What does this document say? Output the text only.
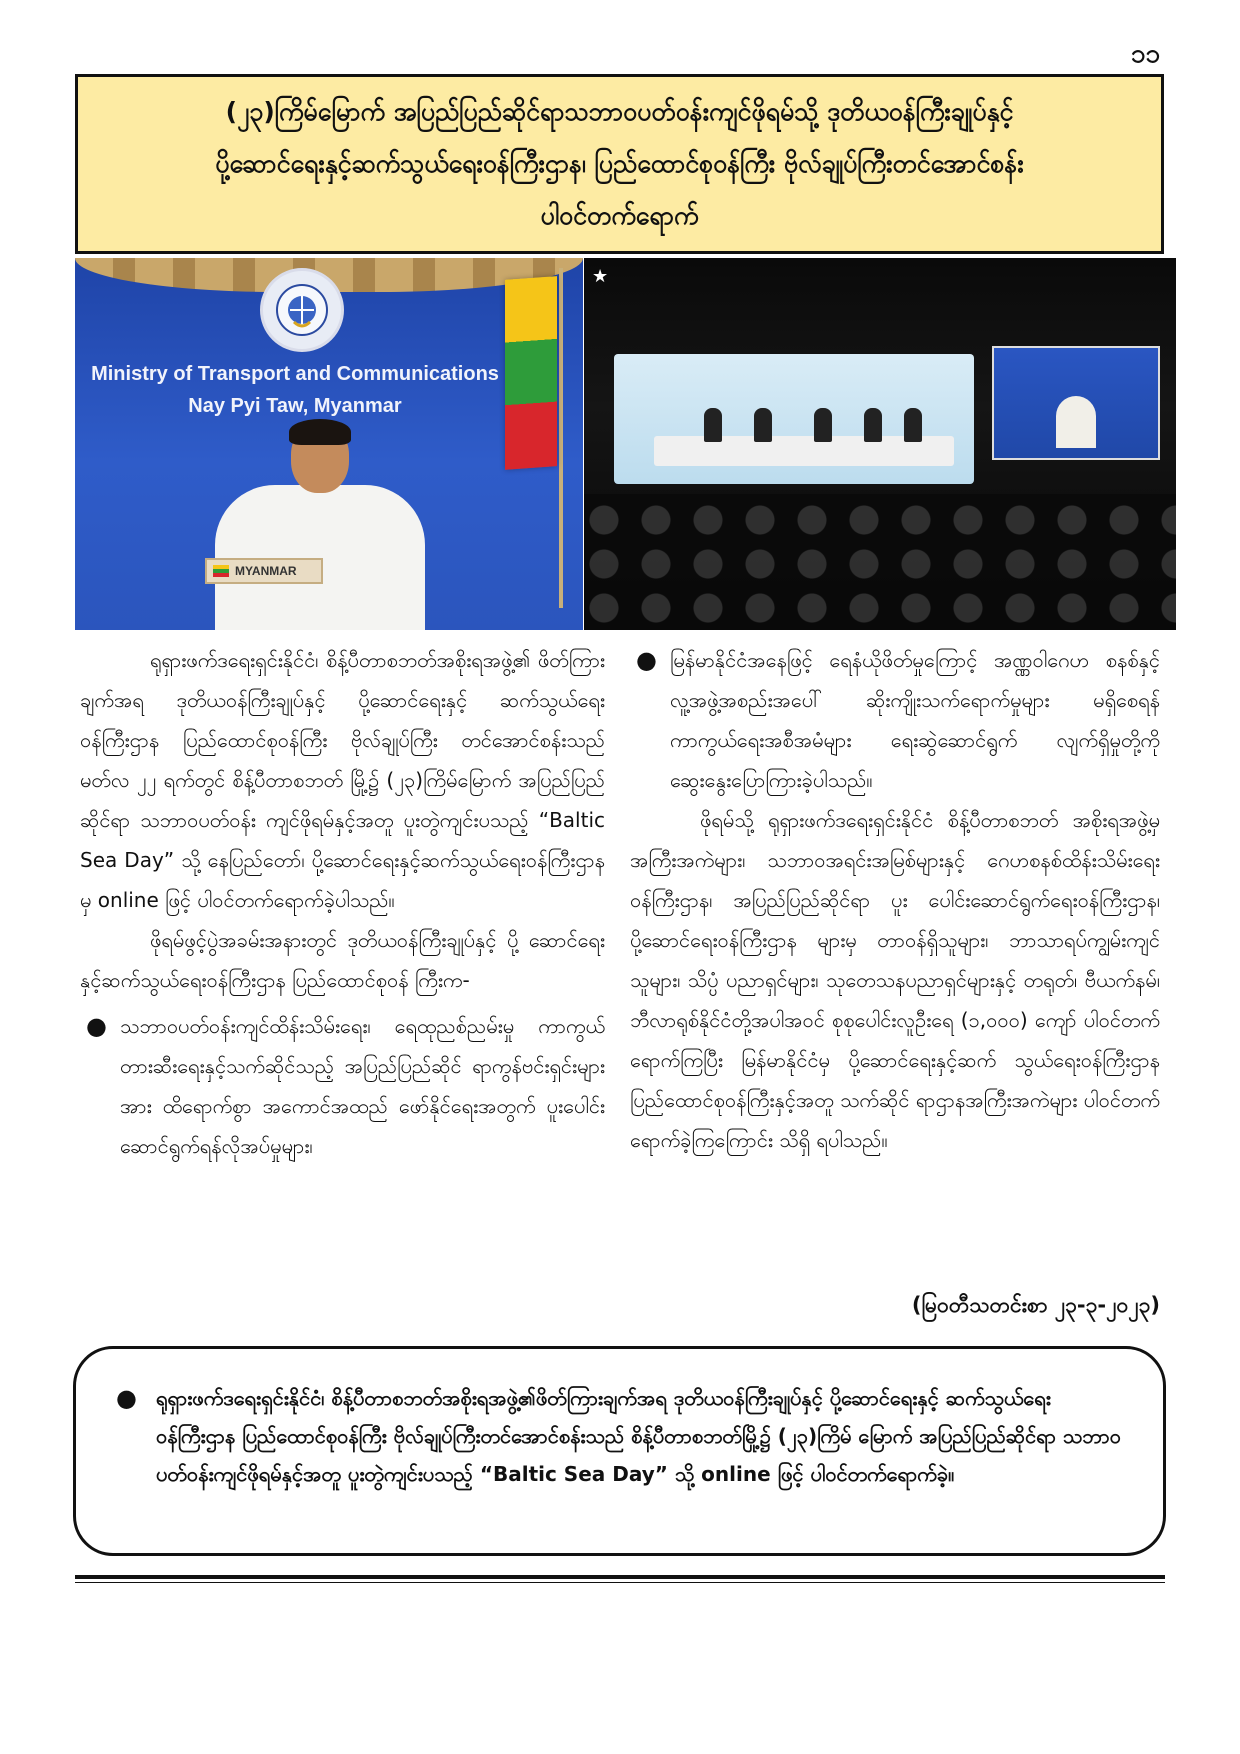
၁၁
(၂၃)ကြိမ်မြောက် အပြည်ပြည်ဆိုင်ရာသဘာဝပတ်ဝန်းကျင်ဖိုရမ်သို့ ဒုတိယဝန်ကြီးချုပ်နှင့်
ပို့ဆောင်ရေးနှင့်ဆက်သွယ်ရေးဝန်ကြီးဌာန၊ ပြည်ထောင်စုဝန်ကြီး ဗိုလ်ချုပ်ကြီးတင်အောင်စန်း
ပါဝင်တက်ရောက်
Ministry of Transport and Communications
Nay Pyi Taw, Myanmar
MYANMAR
★

ရုရှားဖက်ဒရေးရှင်းနိုင်ငံ၊ စိန့်ပီတာစဘတ်အစိုးရအဖွဲ့၏ ဖိတ်ကြားချက်အရ ဒုတိယဝန်ကြီးချုပ်နှင့် ပို့ဆောင်ရေးနှင့် ဆက်သွယ်ရေးဝန်ကြီးဌာန ပြည်ထောင်စုဝန်ကြီး ဗိုလ်ချုပ်ကြီး တင်အောင်စန်းသည် မတ်လ ၂၂ ရက်တွင် စိန့်ပီတာစဘတ် မြို့၌ (၂၃)ကြိမ်မြောက် အပြည်ပြည်ဆိုင်ရာ သဘာဝပတ်ဝန်း ကျင်ဖိုရမ်နှင့်အတူ ပူးတွဲကျင်းပသည့် “Baltic Sea Day” သို့ နေပြည်တော်၊ ပို့ဆောင်ရေးနှင့်ဆက်သွယ်ရေးဝန်ကြီးဌာနမှ online ဖြင့် ပါဝင်တက်ရောက်ခဲ့ပါသည်။

ဖိုရမ်ဖွင့်ပွဲအခမ်းအနားတွင် ဒုတိယဝန်ကြီးချုပ်နှင့် ပို့ ဆောင်ရေးနှင့်ဆက်သွယ်ရေးဝန်ကြီးဌာန ပြည်ထောင်စုဝန် ကြီးက-

● သဘာဝပတ်ဝန်းကျင်ထိန်းသိမ်းရေး၊ ရေထုညစ်ညမ်းမှု ကာကွယ်တားဆီးရေးနှင့်သက်ဆိုင်သည့် အပြည်ပြည်ဆိုင် ရာကွန်ဗင်းရှင်းများအား ထိရောက်စွာ အကောင်အထည် ဖော်နိုင်ရေးအတွက် ပူးပေါင်းဆောင်ရွက်ရန်လိုအပ်မှုများ၊
● မြန်မာနိုင်ငံအနေဖြင့် ရေနံယိုဖိတ်မှုကြောင့် အဏ္ဏဝါဂေဟ စနစ်နှင့် လူ့အဖွဲ့အစည်းအပေါ် ဆိုးကျိုးသက်ရောက်မှုများ မရှိစေရန် ကာကွယ်ရေးအစီအမံများ ရေးဆွဲဆောင်ရွက် လျက်ရှိမှုတို့ကို ဆွေးနွေးပြောကြားခဲ့ပါသည်။

ဖိုရမ်သို့ ရုရှားဖက်ဒရေးရှင်းနိုင်ငံ စိန့်ပီတာစဘတ် အစိုးရအဖွဲ့မှ အကြီးအကဲများ၊ သဘာဝအရင်းအမြစ်များနှင့် ဂေဟစနစ်ထိန်းသိမ်းရေးဝန်ကြီးဌာန၊ အပြည်ပြည်ဆိုင်ရာ ပူး ပေါင်းဆောင်ရွက်ရေးဝန်ကြီးဌာန၊ ပို့ဆောင်ရေးဝန်ကြီးဌာန များမှ တာဝန်ရှိသူများ၊ ဘာသာရပ်ကျွမ်းကျင်သူများ၊ သိပ္ပံ ပညာရှင်များ၊ သုတေသနပညာရှင်များနှင့် တရုတ်၊ ဗီယက်နမ်၊ ဘီလာရုစ်နိုင်ငံတို့အပါအဝင် စုစုပေါင်းလူဦးရေ (၁,၀၀၀) ကျော် ပါဝင်တက်ရောက်ကြပြီး မြန်မာနိုင်ငံမှ ပို့ဆောင်ရေးနှင့်ဆက် သွယ်ရေးဝန်ကြီးဌာန ပြည်ထောင်စုဝန်ကြီးနှင့်အတူ သက်ဆိုင် ရာဌာနအကြီးအကဲများ ပါဝင်တက်ရောက်ခဲ့ကြကြောင်း သိရှိ ရပါသည်။

(မြဝတီသတင်းစာ ၂၃-၃-၂၀၂၃)
● ရုရှားဖက်ဒရေးရှင်းနိုင်ငံ၊ စိန့်ပီတာစဘတ်အစိုးရအဖွဲ့၏ဖိတ်ကြားချက်အရ ဒုတိယဝန်ကြီးချုပ်နှင့် ပို့ဆောင်ရေးနှင့် ဆက်သွယ်ရေးဝန်ကြီးဌာန ပြည်ထောင်စုဝန်ကြီး ဗိုလ်ချုပ်ကြီးတင်အောင်စန်းသည် စိန့်ပီတာစဘတ်မြို့၌ (၂၃)ကြိမ် မြောက် အပြည်ပြည်ဆိုင်ရာ သဘာဝပတ်ဝန်းကျင်ဖိုရမ်နှင့်အတူ ပူးတွဲကျင်းပသည့် “Baltic Sea Day” သို့ online ဖြင့် ပါဝင်တက်ရောက်ခဲ့။
